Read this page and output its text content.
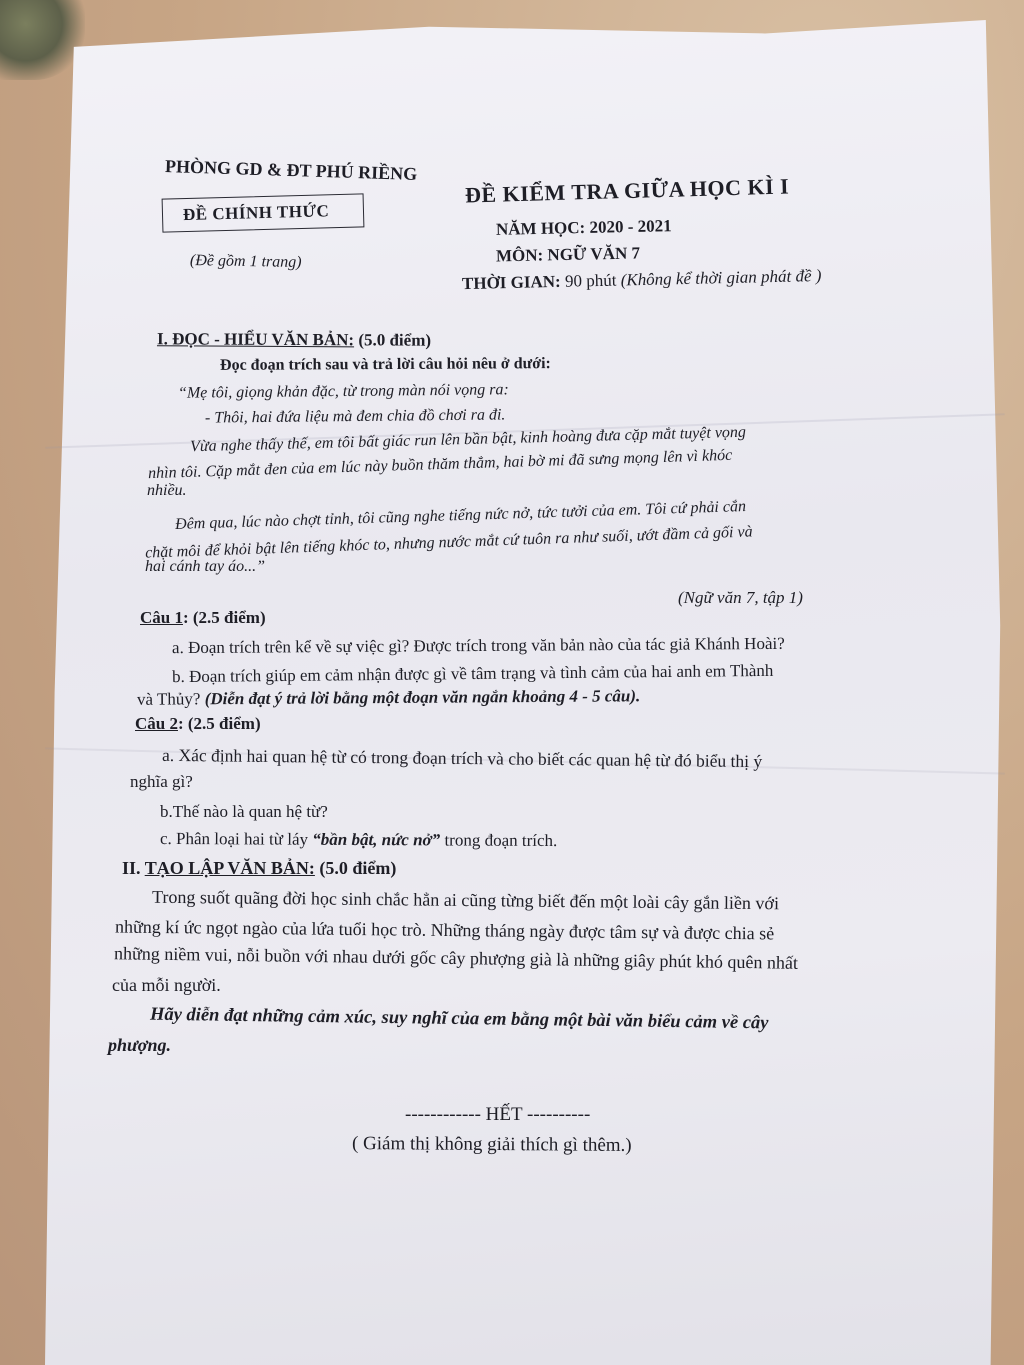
PHÒNG GD & ĐT PHÚ RIỀNG
ĐỀ CHÍNH THỨC
(Đề gồm 1 trang)
ĐỀ KIỂM TRA GIỮA HỌC KÌ I
NĂM HỌC: 2020 - 2021
MÔN: NGỮ VĂN 7
THỜI GIAN: 90 phút (Không kể thời gian phát đề )
I. ĐỌC - HIỂU VĂN BẢN: (5.0 điểm)
Đọc đoạn trích sau và trả lời câu hỏi nêu ở dưới:
“Mẹ tôi, giọng khản đặc, từ trong màn nói vọng ra:
- Thôi, hai đứa liệu mà đem chia đồ chơi ra đi.
Vừa nghe thấy thế, em tôi bất giác run lên bần bật, kinh hoàng đưa cặp mắt tuyệt vọng
nhìn tôi. Cặp mắt đen của em lúc này buồn thăm thẳm, hai bờ mi đã sưng mọng lên vì khóc
nhiều.
Đêm qua, lúc nào chợt tỉnh, tôi cũng nghe tiếng nức nở, tức tưởi của em. Tôi cứ phải cắn
chặt môi để khỏi bật lên tiếng khóc to, nhưng nước mắt cứ tuôn ra như suối, ướt đầm cả gối và
hai cánh tay áo...”
(Ngữ văn 7, tập 1)
Câu 1: (2.5 điểm)
a. Đoạn trích trên kể về sự việc gì? Được trích trong văn bản nào của tác giả Khánh Hoài?
b. Đoạn trích giúp em cảm nhận được gì về tâm trạng và tình cảm của hai anh em Thành
và Thủy? (Diễn đạt ý trả lời bằng một đoạn văn ngắn khoảng 4 - 5 câu).
Câu 2: (2.5 điểm)
a. Xác định hai quan hệ từ có trong đoạn trích và cho biết các quan hệ từ đó biểu thị ý
nghĩa gì?
b.Thế nào là quan hệ từ?
c. Phân loại hai từ láy “bần bật, nức nở” trong đoạn trích.
II. TẠO LẬP VĂN BẢN: (5.0 điểm)
Trong suốt quãng đời học sinh chắc hẳn ai cũng từng biết đến một loài cây gắn liền với
những kí ức ngọt ngào của lứa tuổi học trò. Những tháng ngày được tâm sự và được chia sẻ
những niềm vui, nỗi buồn với nhau dưới gốc cây phượng già là những giây phút khó quên nhất
của mỗi người.
Hãy diễn đạt những cảm xúc, suy nghĩ của em bằng một bài văn biểu cảm về cây
phượng.
------------ HẾT ----------
( Giám thị không giải thích gì thêm.)
